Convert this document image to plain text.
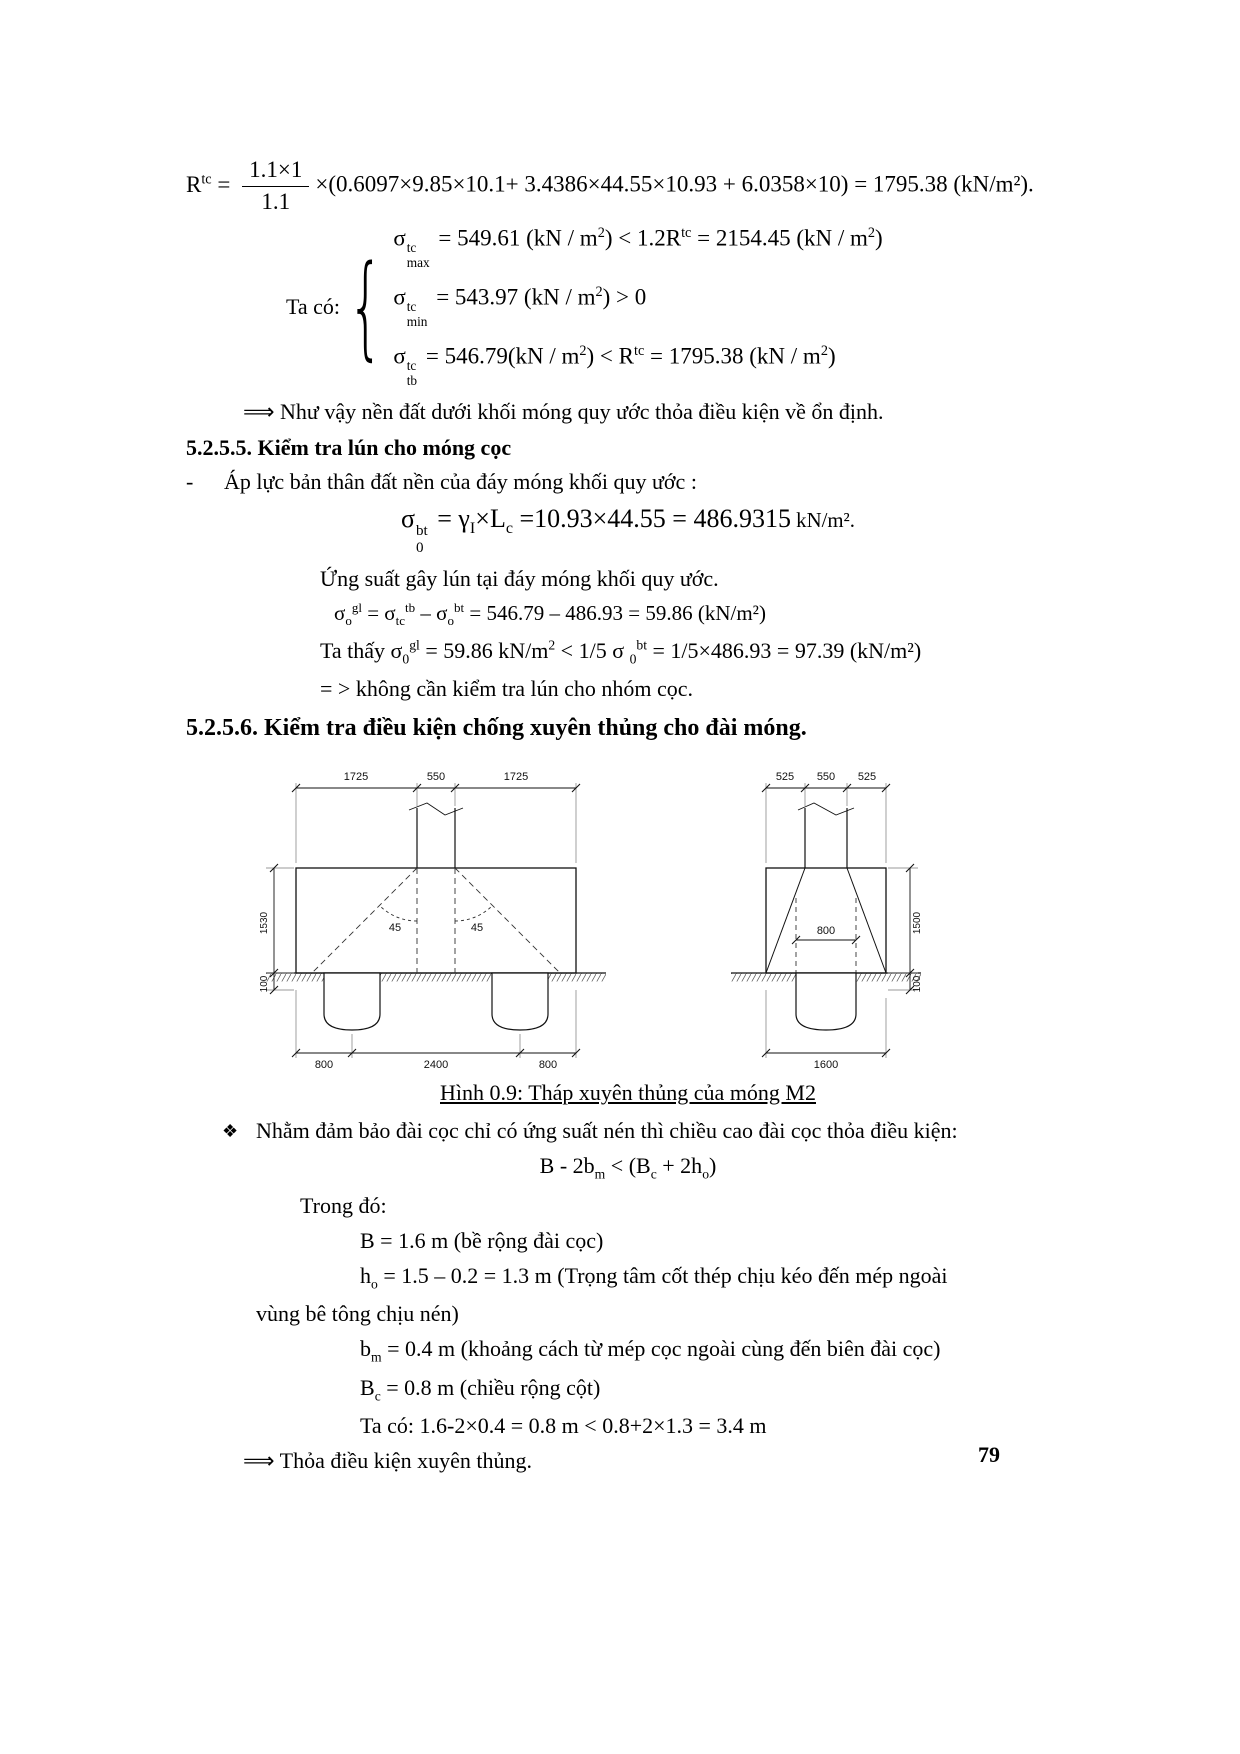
$R^{tc} = \frac{1.1\times 1}{1.1} \times(0.6097\times 9.85\times 10.1+ 3.4386\times 44.55\times 10.93 + 6.0358\times 10) = 1795.38$ (kN/m²).
Ta có: {
σ tc
max
= 549.61 $(kN / m^2) < 1.2R^{tc} = 2154.45$ $(kN / m^2)$
σ tc
min
= 543.97 $(kN / m^2) > 0$
σ tc
tb
= $546.79(kN / m^2) < R^{tc} = 1795.38$ $(kN / m^2)$
⟹ Như vậy nền đất dưới khối móng quy ước thỏa điều kiện về ổn định.
5.2.5.5. Kiểm tra lún cho móng cọc
- Áp lực bản thân đất nền của đáy móng khối quy ước :
σ bt
0
= $\gamma_I\times L_c =10.93\times 44.55 = 486.9315$ kN/m².
Ứng suất gây lún tại đáy móng khối quy ước.
$\sigma_o^{gl} = \sigma_{tc}^{tb} - \sigma_o^{bt} = 546.79 - 486.93 = 59.86$ (kN/m²)
Ta thấy $\sigma_0^{gl} = 59.86$ $kN/m^2 < 1/5$ σ $_0^{bt}$ = 1/5×486.93 = 97.39 (kN/m²)
= > không cần kiểm tra lún cho nhóm cọc.
5.2.5.6. Kiểm tra điều kiện chống xuyên thủng cho đài móng.
45	45
1725	550	1725
1530
100
800	2400	800
800
525 550 525
1500
100
1600
Hình 0.9: Tháp xuyên thủng của móng M2
❖ Nhằm đảm bảo đài cọc chỉ có ứng suất nén thì chiều cao đài cọc thỏa điều kiện:
$B - 2b_m < (B_c + 2h_o)$
Trong đó:
B = 1.6 m (bề rộng đài cọc)
$h_o = 1.5 - 0.2 = 1.3$ m (Trọng tâm cốt thép chịu kéo đến mép ngoài
vùng bê tông chịu nén)
$b_m = 0.4$ m (khoảng cách từ mép cọc ngoài cùng đến biên đài cọc)
$B_c = 0.8$ m (chiều rộng cột)
Ta có: 1.6-2×0.4 = 0.8 m < 0.8+2×1.3 = 3.4 m
⟹ Thỏa điều kiện xuyên thủng.	79
